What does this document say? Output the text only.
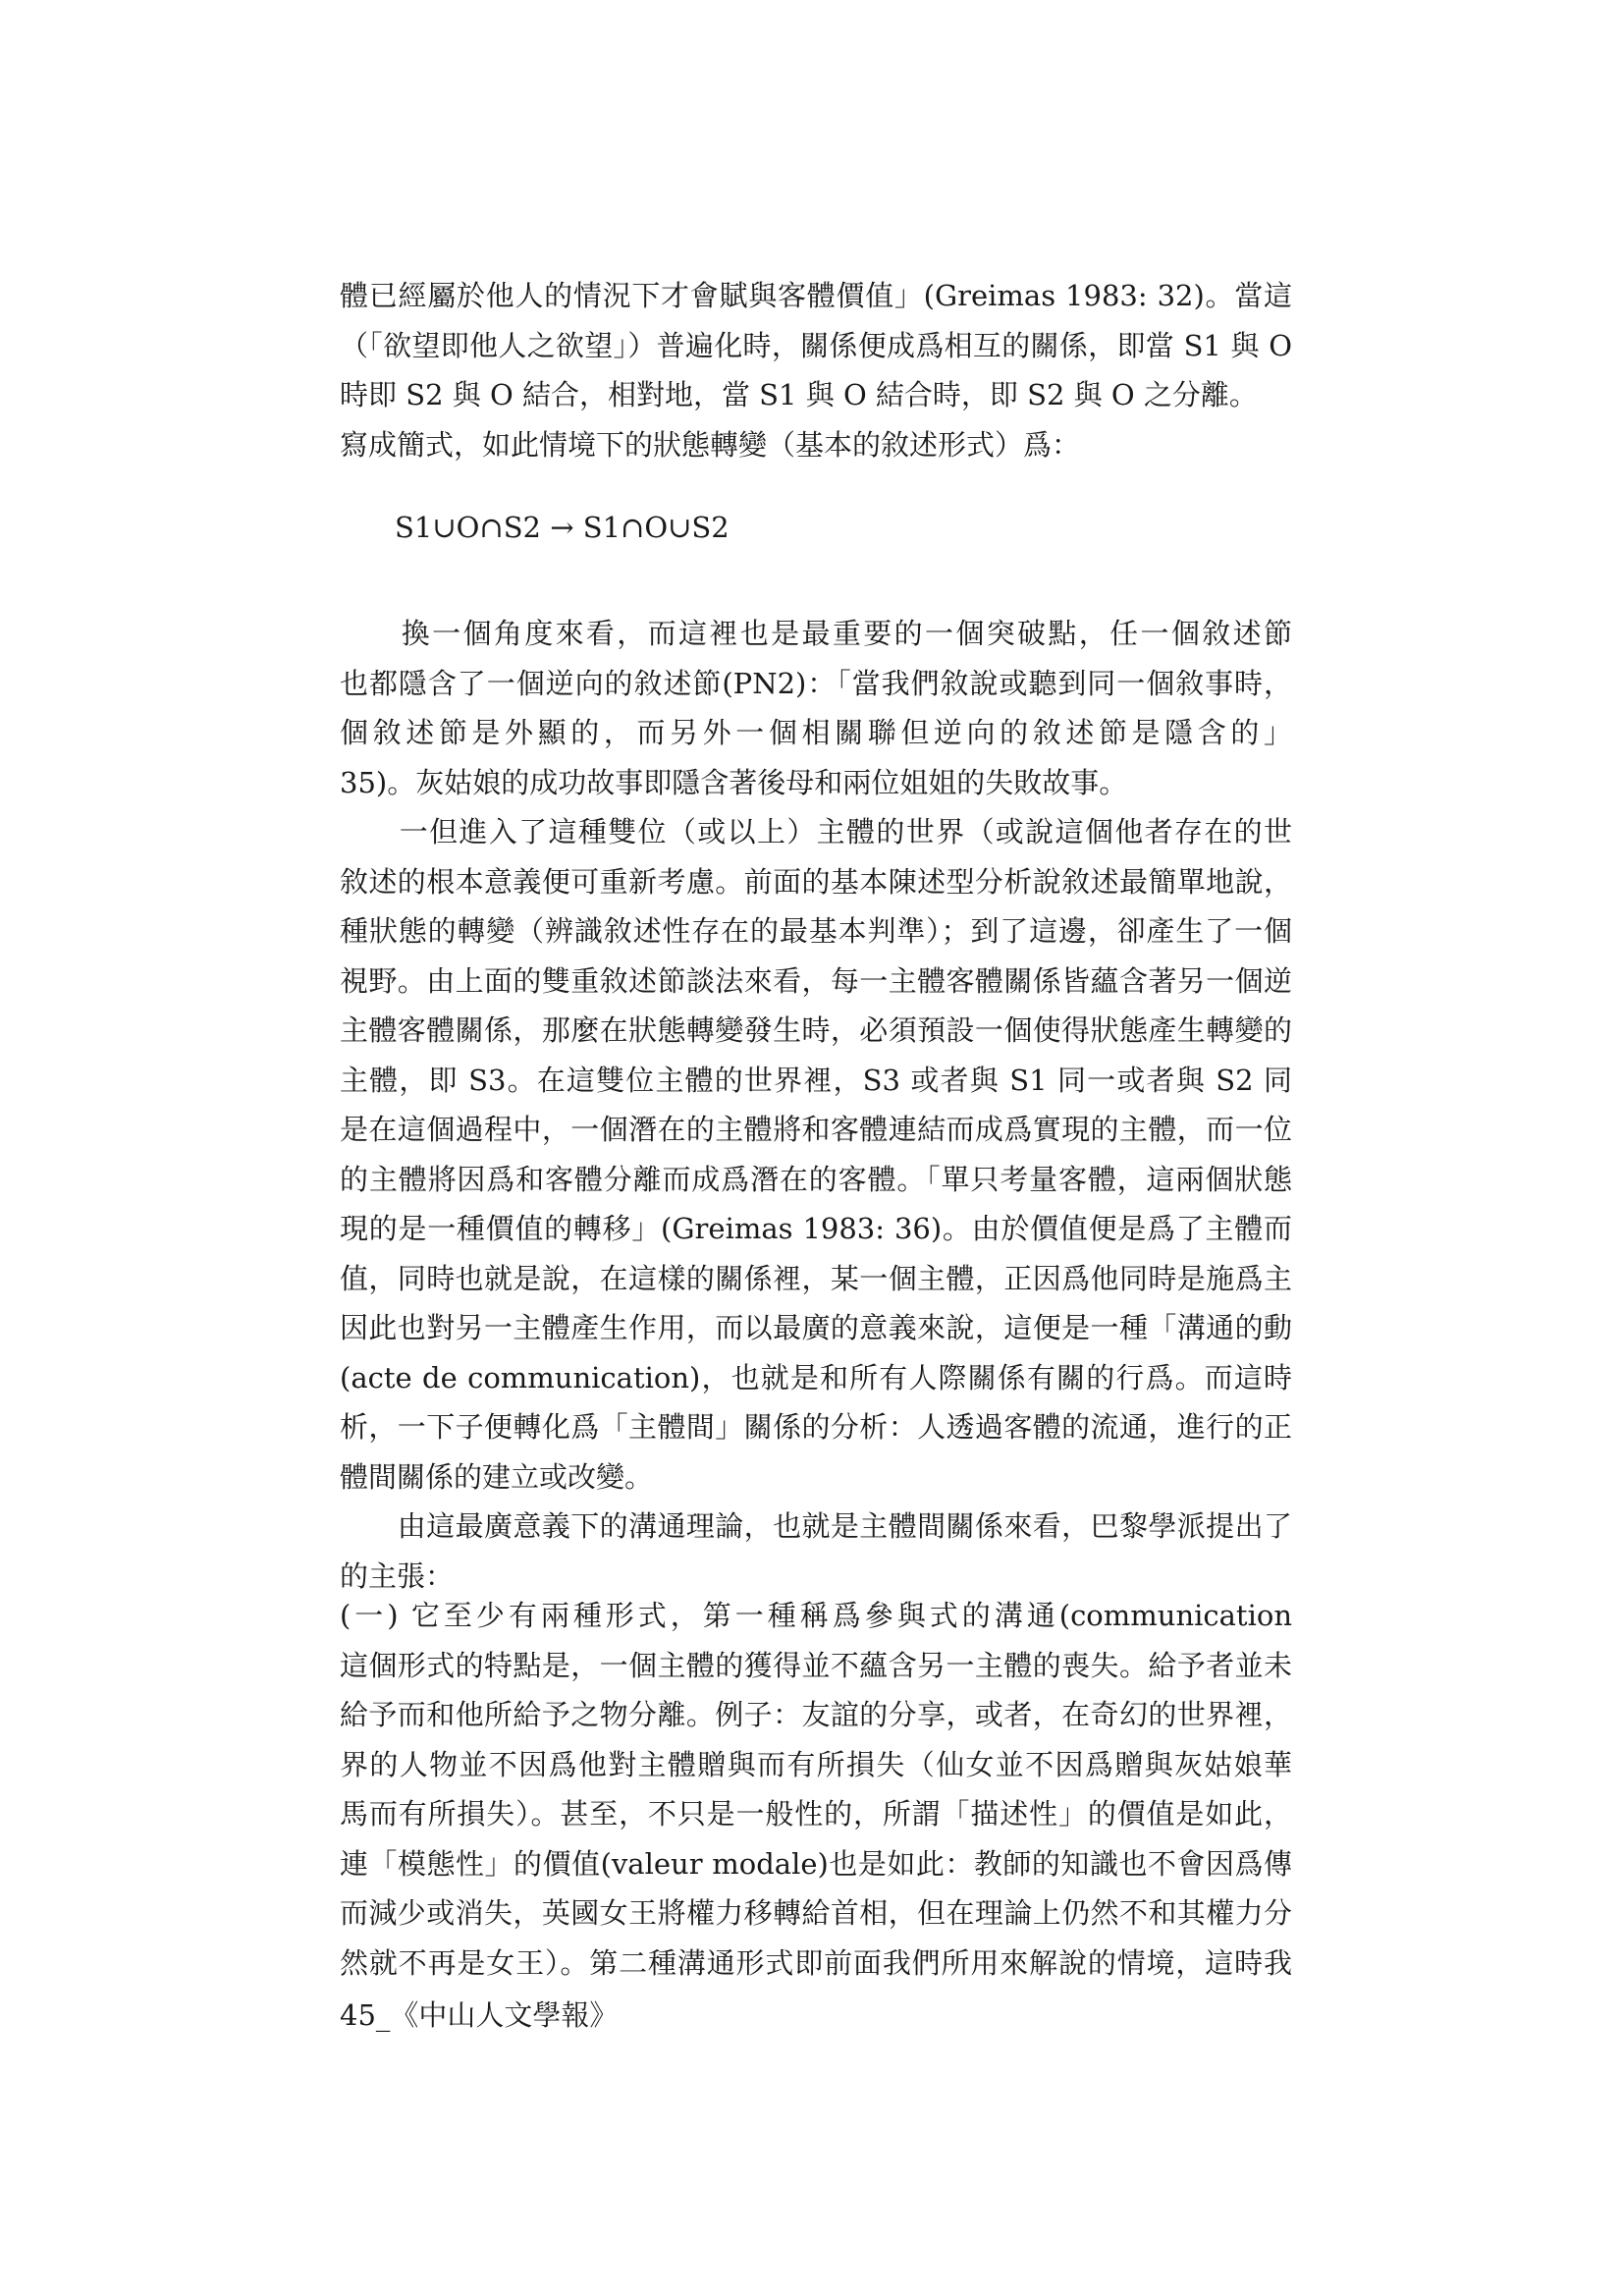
體已經屬於他人的情況下才會賦與客體價值」(Greimas 1983: 32)。當這
（「欲望即他人之欲望」）普遍化時，關係便成爲相互的關係，即當 S1 與 O
時即 S2 與 O 結合，相對地，當 S1 與 O 結合時，即 S2 與 O 之分離。
寫成簡式，如此情境下的狀態轉變（基本的敘述形式）爲：
S1∪O∩S2 → S1∩O∪S2
　　換一個角度來看，而這裡也是最重要的一個突破點，任一個敘述節
也都隱含了一個逆向的敘述節(PN2)：「當我們敘說或聽到同一個敘事時，
個敘述節是外顯的，而另外一個相關聯但逆向的敘述節是隱含的」
35)。灰姑娘的成功故事即隱含著後母和兩位姐姐的失敗故事。
　　一但進入了這種雙位（或以上）主體的世界（或說這個他者存在的世
敘述的根本意義便可重新考慮。前面的基本陳述型分析說敘述最簡單地說，
種狀態的轉變（辨識敘述性存在的最基本判準）；到了這邊，卻產生了一個
視野。由上面的雙重敘述節談法來看，每一主體客體關係皆蘊含著另一個逆
主體客體關係，那麼在狀態轉變發生時，必須預設一個使得狀態產生轉變的
主體，即 S3。在這雙位主體的世界裡，S3 或者與 S1 同一或者與 S2 同
是在這個過程中，一個潛在的主體將和客體連結而成爲實現的主體，而一位
的主體將因爲和客體分離而成爲潛在的客體。「單只考量客體，這兩個狀態
現的是一種價值的轉移」(Greimas 1983: 36)。由於價值便是爲了主體而
值，同時也就是說，在這樣的關係裡，某一個主體，正因爲他同時是施爲主
因此也對另一主體產生作用，而以最廣的意義來說，這便是一種「溝通的動
(acte de communication)，也就是和所有人際關係有關的行爲。而這時
析，一下子便轉化爲「主體間」關係的分析：人透過客體的流通，進行的正
體間關係的建立或改變。
　　由這最廣意義下的溝通理論，也就是主體間關係來看，巴黎學派提出了
的主張：
(一) 它至少有兩種形式，第一種稱爲參與式的溝通(communication
這個形式的特點是，一個主體的獲得並不蘊含另一主體的喪失。給予者並未
給予而和他所給予之物分離。例子：友誼的分享，或者，在奇幻的世界裡，
界的人物並不因爲他對主體贈與而有所損失（仙女並不因爲贈與灰姑娘華
馬而有所損失）。甚至，不只是一般性的，所謂「描述性」的價值是如此，
連「模態性」的價值(valeur modale)也是如此：教師的知識也不會因爲傳
而減少或消失，英國女王將權力移轉給首相，但在理論上仍然不和其權力分
然就不再是女王）。第二種溝通形式即前面我們所用來解說的情境，這時我
45_《中山人文學報》
